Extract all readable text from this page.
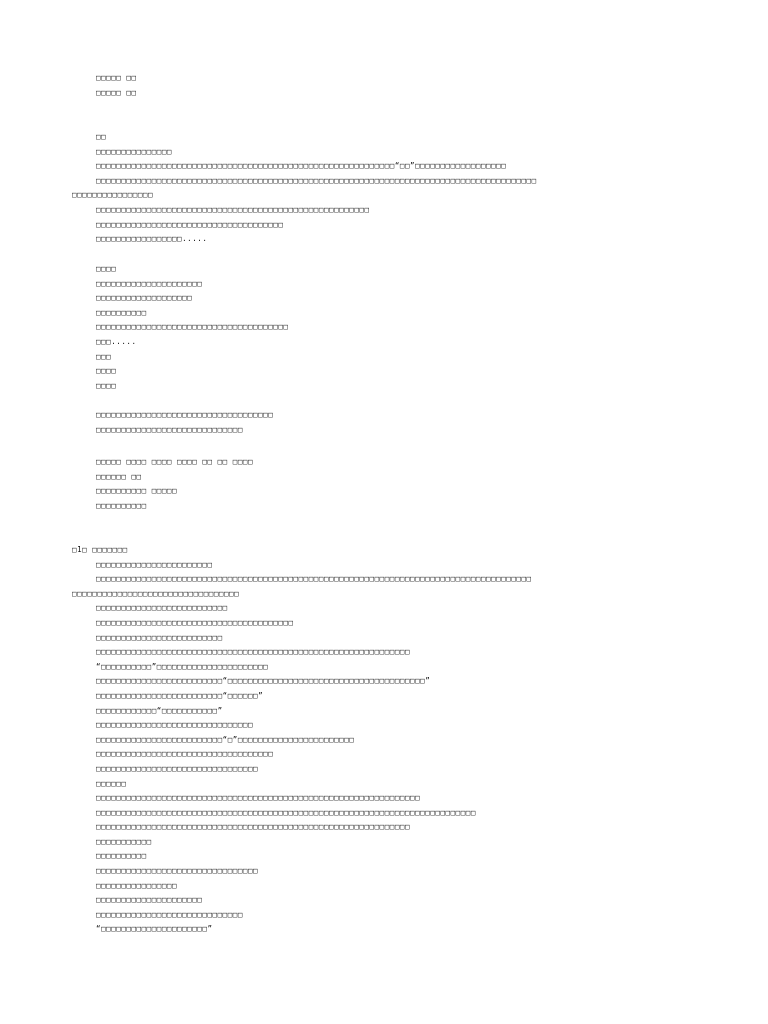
□□□□□ □□
□□□□□ □□
□□
□□□□□□□□□□□□□□□
□□□□□□□□□□□□□□□□□□□□□□□□□□□□□□□□□□□□□□□□□□□□□□□□□□□□□□□□□□□“□□”□□□□□□□□□□□□□□□□□□
□□□□□□□□□□□□□□□□□□□□□□□□□□□□□□□□□□□□□□□□□□□□□□□□□□□□□□□□□□□□□□□□□□□□□□□□□□□□□□□□□□□□□□□
□□□□□□□□□□□□□□□□
□□□□□□□□□□□□□□□□□□□□□□□□□□□□□□□□□□□□□□□□□□□□□□□□□□□□□□
□□□□□□□□□□□□□□□□□□□□□□□□□□□□□□□□□□□□□
□□□□□□□□□□□□□□□□□.....
□□□□
□□□□□□□□□□□□□□□□□□□□□
□□□□□□□□□□□□□□□□□□□
□□□□□□□□□□
□□□□□□□□□□□□□□□□□□□□□□□□□□□□□□□□□□□□□□
□□□.....
□□□
□□□□
□□□□
□□□□□□□□□□□□□□□□□□□□□□□□□□□□□□□□□□□
□□□□□□□□□□□□□□□□□□□□□□□□□□□□□
□□□□□ □□□□ □□□□ □□□□ □□ □□ □□□□
□□□□□□ □□
□□□□□□□□□□ □□□□□
□□□□□□□□□□
□1□ □□□□□□□
□□□□□□□□□□□□□□□□□□□□□□□
□□□□□□□□□□□□□□□□□□□□□□□□□□□□□□□□□□□□□□□□□□□□□□□□□□□□□□□□□□□□□□□□□□□□□□□□□□□□□□□□□□□□□□
□□□□□□□□□□□□□□□□□□□□□□□□□□□□□□□□□
□□□□□□□□□□□□□□□□□□□□□□□□□□
□□□□□□□□□□□□□□□□□□□□□□□□□□□□□□□□□□□□□□□
□□□□□□□□□□□□□□□□□□□□□□□□□
□□□□□□□□□□□□□□□□□□□□□□□□□□□□□□□□□□□□□□□□□□□□□□□□□□□□□□□□□□□□□□
“□□□□□□□□□□”□□□□□□□□□□□□□□□□□□□□□□
□□□□□□□□□□□□□□□□□□□□□□□□□“□□□□□□□□□□□□□□□□□□□□□□□□□□□□□□□□□□□□□□□”
□□□□□□□□□□□□□□□□□□□□□□□□□“□□□□□□”
□□□□□□□□□□□□“□□□□□□□□□□□”
□□□□□□□□□□□□□□□□□□□□□□□□□□□□□□□
□□□□□□□□□□□□□□□□□□□□□□□□□“□”□□□□□□□□□□□□□□□□□□□□□□□
□□□□□□□□□□□□□□□□□□□□□□□□□□□□□□□□□□□
□□□□□□□□□□□□□□□□□□□□□□□□□□□□□□□□
□□□□□□
□□□□□□□□□□□□□□□□□□□□□□□□□□□□□□□□□□□□□□□□□□□□□□□□□□□□□□□□□□□□□□□□
□□□□□□□□□□□□□□□□□□□□□□□□□□□□□□□□□□□□□□□□□□□□□□□□□□□□□□□□□□□□□□□□□□□□□□□□□□□
□□□□□□□□□□□□□□□□□□□□□□□□□□□□□□□□□□□□□□□□□□□□□□□□□□□□□□□□□□□□□□
□□□□□□□□□□□
□□□□□□□□□□
□□□□□□□□□□□□□□□□□□□□□□□□□□□□□□□□
□□□□□□□□□□□□□□□□
□□□□□□□□□□□□□□□□□□□□□
□□□□□□□□□□□□□□□□□□□□□□□□□□□□□
“□□□□□□□□□□□□□□□□□□□□□”
